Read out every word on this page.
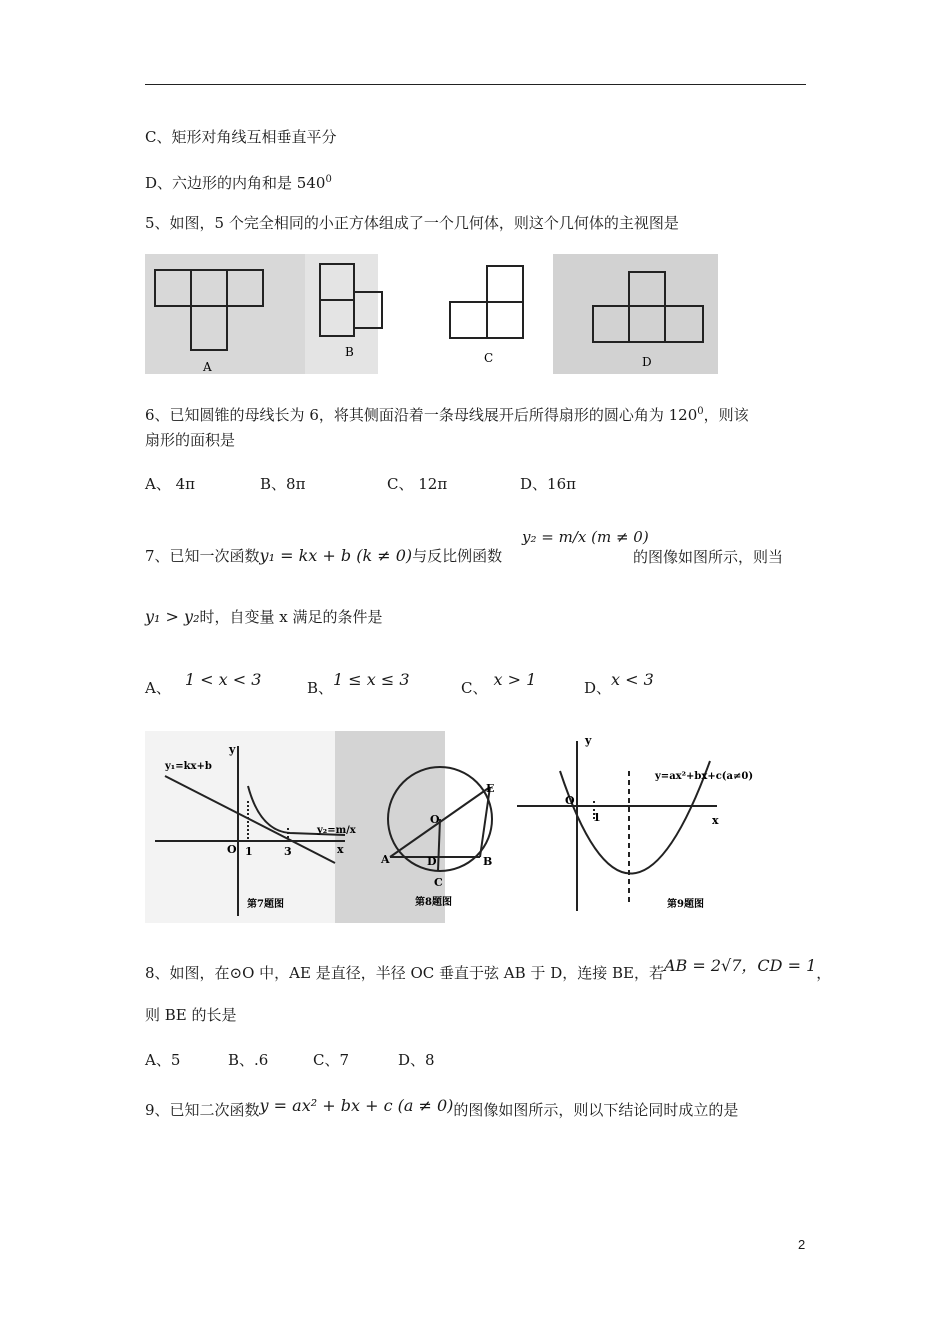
C、矩形对角线互相垂直平分
D、六边形的内角和是 $540^0$
5、如图，5 个完全相同的小正方体组成了一个几何体，则这个几何体的主视图是
A
B	C	D
6、已知圆锥的母线长为 6，将其侧面沿着一条母线展开后所得扇形的圆心角为 $120^0$，则该
扇形的面积是
A、 4π	B、8π	C、 12π	D、16π
7、已知一次函数y₁ = kx + b (k ≠ 0)与反比例函数
y₂ = m/x (m ≠ 0)
的图像如图所示，则当
y₁ > y₂时，自变量 x 满足的条件是
A、 1 < x < 3	B、1 ≤ x ≤ 3	C、 x > 1	D、x < 3
y₁=kx+b
y
x
O 1	3
y₂=m/x
第7题图
A	B
C
D
E
O
第8题图
y=ax²+bx+c(a≠0)
y
x
O
1
第9题图
8、如图，在⊙O 中，AE 是直径，半径 OC 垂直于弦 AB 于 D，连接 BE，若AB = 2√7，CD = 1，
则 BE 的长是
A、5	B、.6	C、7	D、8
9、已知二次函数y = ax² + bx + c (a ≠ 0)的图像如图所示，则以下结论同时成立的是
2
